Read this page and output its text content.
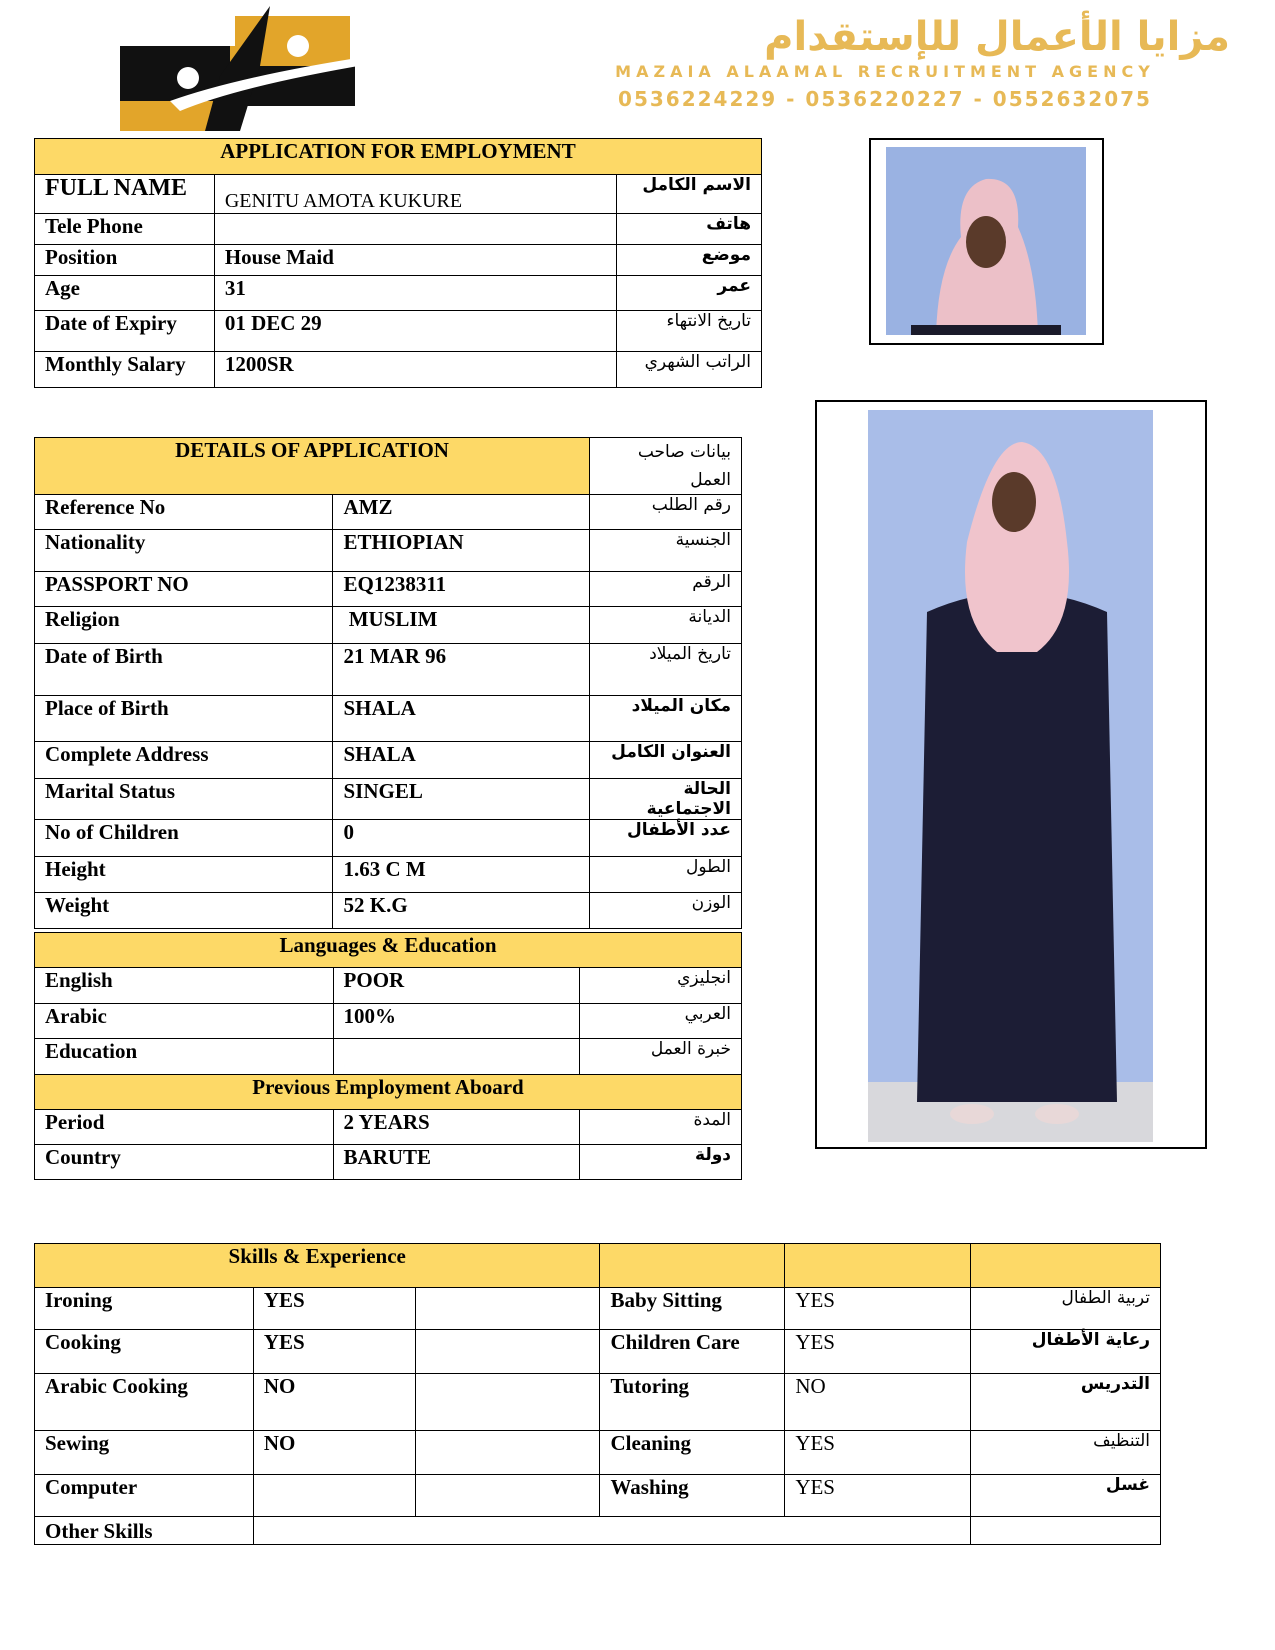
مزايا الأعمال للإستقدام
MAZAIA ALAAMAL RECRUITMENT AGENCY
0536224229 - 0536220227 - 0552632075
APPLICATION FOR EMPLOYMENT		
FULL NAME	GENITU AMOTA KUKURE	الاسم الكامل
Tele Phone		هاتف
Position	House Maid	موضع
Age	31	عمر
Date of Expiry	01 DEC 29	تاريخ الانتهاء
Monthly Salary	1200SR	الراتب الشهري
DETAILS OF APPLICATION		بيانات صاحب العمل
Reference No	AMZ	رقم الطلب
Nationality	ETHIOPIAN	الجنسية
PASSPORT NO	EQ1238311	الرقم
Religion	MUSLIM	الديانة
Date of Birth	21 MAR 96	تاريخ الميلاد
Place of Birth	SHALA	مكان الميلاد
Complete Address	SHALA	العنوان الكامل
Marital Status	SINGEL	الحالة الاجتماعية
No of Children	0	عدد الأطفال
Height	1.63 C M	الطول
Weight	52 K.G	الوزن
Languages & Education		
English	POOR	انجليزي
Arabic	100%	العربي
Education		خبرة العمل
Previous Employment Aboard		
Period	2 YEARS	المدة
Country	BARUTE	دولة
Skills & Experience					
Ironing	YES		Baby Sitting	YES	تربية الطفال
Cooking	YES		Children Care	YES	رعاية الأطفال
Arabic Cooking	NO		Tutoring	NO	التدريس
Sewing	NO		Cleaning	YES	التنظيف
Computer			Washing	YES	غسل
Other Skills					
